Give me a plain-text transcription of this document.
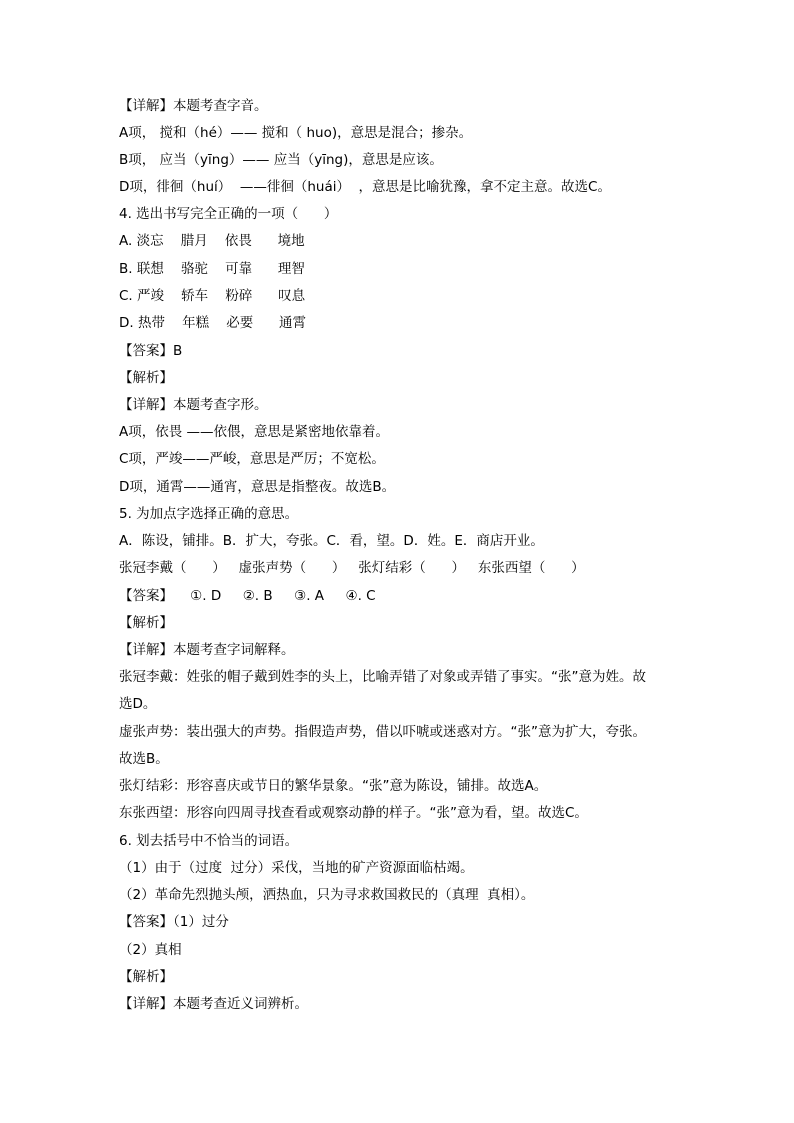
【详解】本题考查字音。
A项， 搅和（hé）—— 搅和（ huo)，意思是混合；掺杂。
B项， 应当（yīng）—— 应当（yīng)，意思是应该。
D项，徘徊（huí）  ——徘徊（huái）  ，意思是比喻犹豫，拿不定主意。故选C。
4. 选出书写完全正确的一项（      ）
A. 淡忘    腊月    依畏      境地
B. 联想    骆驼    可靠      理智
C. 严竣    轿车    粉碎      叹息
D. 热带    年糕    必要      通霄
【答案】B
【解析】
【详解】本题考查字形。
A项，依畏 ——依偎，意思是紧密地依靠着。
C项，严竣——严峻，意思是严厉；不宽松。
D项，通霄——通宵，意思是指整夜。故选B。
5. 为加点字选择正确的意思。
A．陈设，铺排。B．扩大，夸张。C．看，望。D．姓。E．商店开业。
张冠李戴（      ）   虚张声势（      ）   张灯结彩（      ）   东张西望（      ）
【答案】    ①. D     ②. B     ③. A     ④. C
【解析】
【详解】本题考查字词解释。
张冠李戴：姓张的帽子戴到姓李的头上，比喻弄错了对象或弄错了事实。“张”意为姓。故
选D。
虚张声势：装出强大的声势。指假造声势，借以吓唬或迷惑对方。“张”意为扩大，夸张。
故选B。
张灯结彩：形容喜庆或节日的繁华景象。“张”意为陈设，铺排。故选A。
东张西望：形容向四周寻找查看或观察动静的样子。“张”意为看，望。故选C。
6. 划去括号中不恰当的词语。
（1）由于（过度  过分）采伐，当地的矿产资源面临枯竭。
（2）革命先烈抛头颅，洒热血，只为寻求救国救民的（真理  真相）。
【答案】（1）过分
（2）真相
【解析】
【详解】本题考查近义词辨析。
